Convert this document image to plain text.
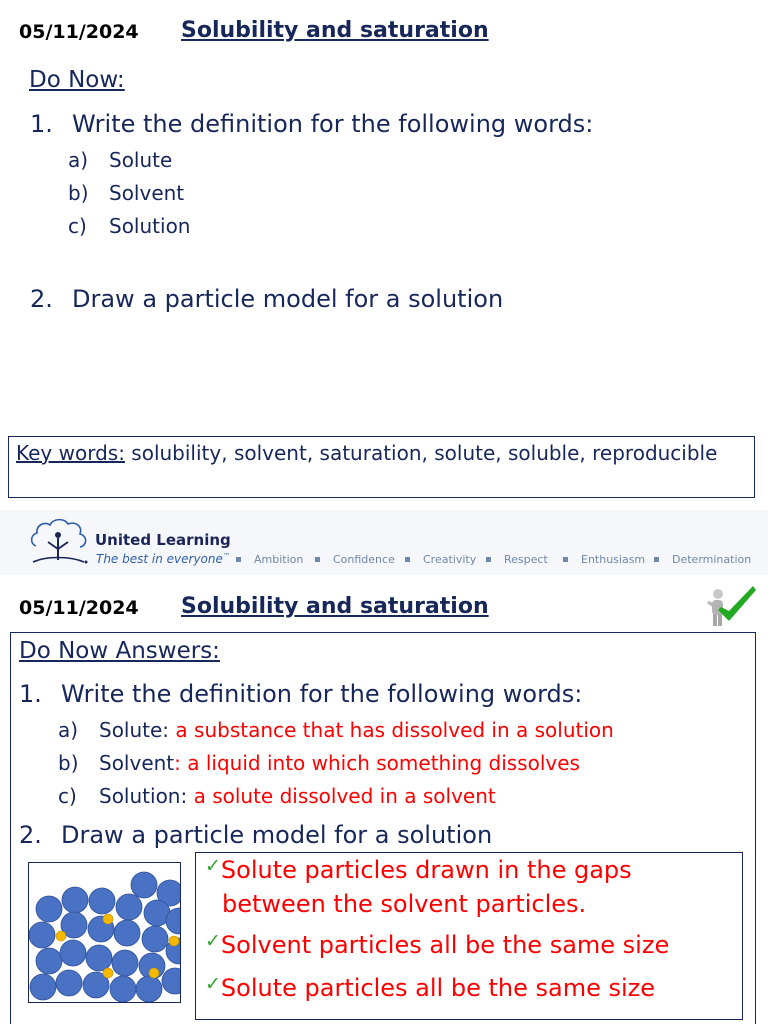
05/11/2024 Solubility and saturation
Do Now:
1. Write the definition for the following words:
a) Solute
b) Solvent
c) Solution
2. Draw a particle model for a solution
Key words: solubility, solvent, saturation, solute, soluble, reproducible
United Learning
The best in everyone™	Ambition	Confidence	Creativity	Respect	Enthusiasm	Determination
05/11/2024 Solubility and saturation
Do Now Answers:
1. Write the definition for the following words:
a) Solute: a substance that has dissolved in a solution
b) Solvent: a liquid into which something dissolves
c) Solution: a solute dissolved in a solvent
2. Draw a particle model for a solution
✓Solute particles drawn in the gaps
between the solvent particles.
✓Solvent particles all be the same size
✓Solute particles all be the same size
